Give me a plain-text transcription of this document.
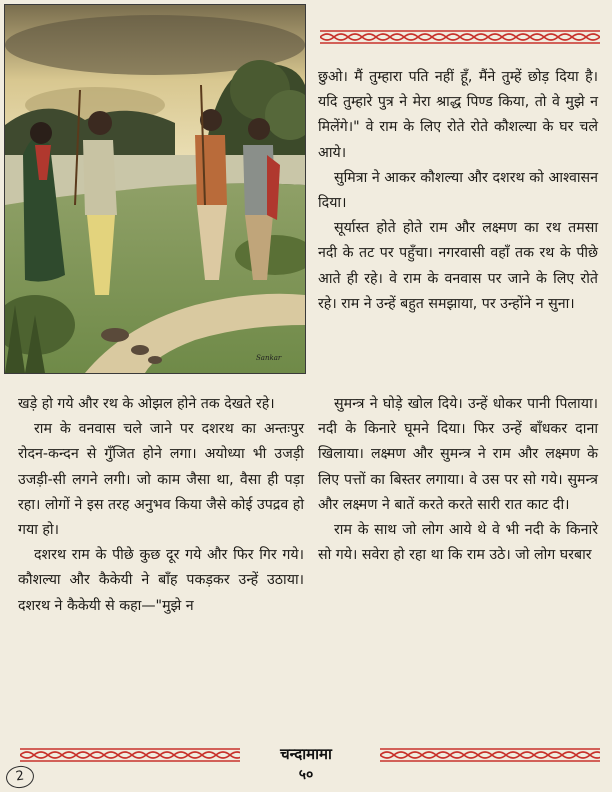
Sankar

छुओ। मैं तुम्हारा पति नहीं हूँ, मैंने तुम्हें छोड़ दिया है। यदि तुम्हारे पुत्र ने मेरा श्राद्ध पिण्ड किया, तो वे मुझे न मिलेंगे।" वे राम के लिए रोते रोते कौशल्या के घर चले आये।

सुमित्रा ने आकर कौशल्या और दशरथ को आश्वासन दिया।

सूर्यास्त होते होते राम और लक्ष्मण का रथ तमसा नदी के तट पर पहुँचा। नगरवासी वहाँ तक रथ के पीछे आते ही रहे। वे राम के वनवास पर जाने के लिए रोते रहे। राम ने उन्हें बहुत समझाया, पर उन्होंने न सुना।

खड़े हो गये और रथ के ओझल होने तक देखते रहे।

राम के वनवास चले जाने पर दशरथ का अन्तःपुर रोदन-कन्दन से गुँजित होने लगा। अयोध्या भी उजड़ी उजड़ी-सी लगने लगी। जो काम जैसा था, वैसा ही पड़ा रहा। लोगों ने इस तरह अनुभव किया जैसे कोई उपद्रव हो गया हो।

दशरथ राम के पीछे कुछ दूर गये और फिर गिर गये। कौशल्या और कैकेयी ने बाँह पकड़कर उन्हें उठाया। दशरथ ने कैकेयी से कहा—"मुझे न

सुमन्त्र ने घोड़े खोल दिये। उन्हें धोकर पानी पिलाया। नदी के किनारे घूमने दिया। फिर उन्हें बाँधकर दाना खिलाया। लक्ष्मण और सुमन्त्र ने राम और लक्ष्मण के लिए पत्तों का बिस्तर लगाया। वे उस पर सो गये। सुमन्त्र और लक्ष्मण ने बातें करते करते सारी रात काट दी।

राम के साथ जो लोग आये थे वे भी नदी के किनारे सो गये। सवेरा हो रहा था कि राम उठे। जो लोग घरबार

चन्दामामा
५०
2
